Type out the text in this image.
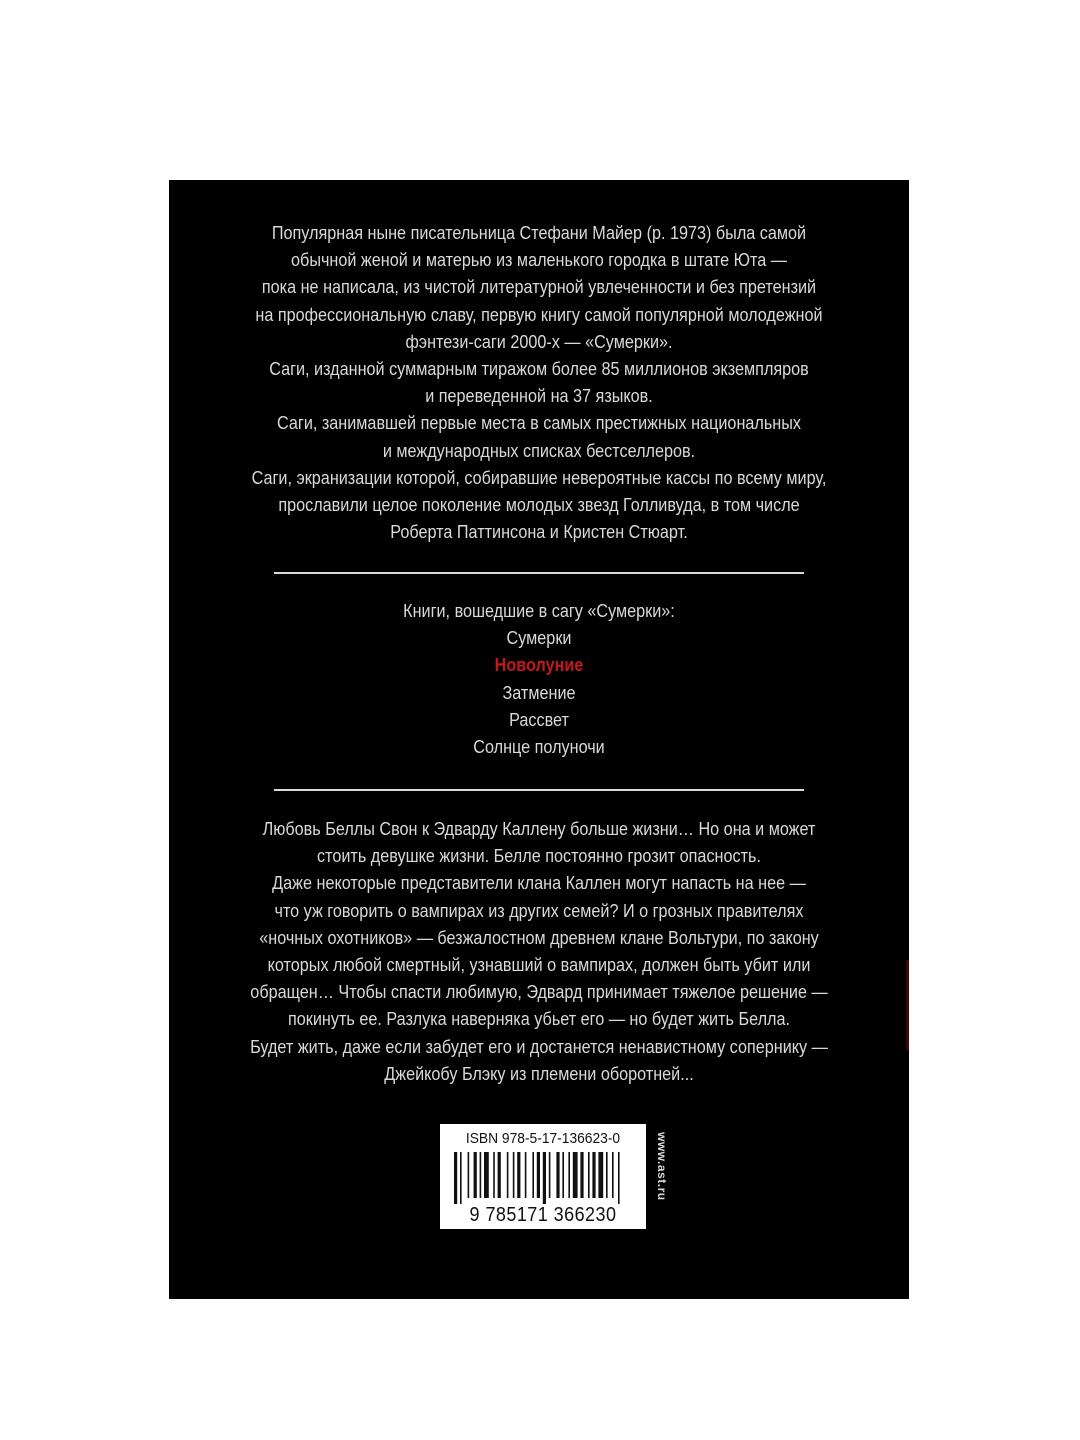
Популярная ныне писательница Стефани Майер (р. 1973) была самой
обычной женой и матерью из маленького городка в штате Юта —
пока не написала, из чистой литературной увлеченности и без претензий
на профессиональную славу, первую книгу самой популярной молодежной
фэнтези-саги 2000-х — «Сумерки».
Саги, изданной суммарным тиражом более 85 миллионов экземпляров
и переведенной на 37 языков.
Саги, занимавшей первые места в самых престижных национальных
и международных списках бестселлеров.
Саги, экранизации которой, собиравшие невероятные кассы по всему миру,
прославили целое поколение молодых звезд Голливуда, в том числе
Роберта Паттинсона и Кристен Стюарт.
Книги, вошедшие в сагу «Сумерки»:
Сумерки
Новолуние
Затмение
Рассвет
Солнце полуночи
Любовь Беллы Свон к Эдварду Каллену больше жизни… Но она и может
стоить девушке жизни. Белле постоянно грозит опасность.
Даже некоторые представители клана Каллен могут напасть на нее —
что уж говорить о вампирах из других семей? И о грозных правителях
«ночных охотников» — безжалостном древнем клане Вольтури, по закону
которых любой смертный, узнавший о вампирах, должен быть убит или
обращен… Чтобы спасти любимую, Эдвард принимает тяжелое решение —
покинуть ее. Разлука наверняка убьет его — но будет жить Белла.
Будет жить, даже если забудет его и достанется ненавистному сопернику —
Джейкобу Блэку из племени оборотней...
ISBN 978-5-17-136623-0
9 785171 366230
www.ast.ru
